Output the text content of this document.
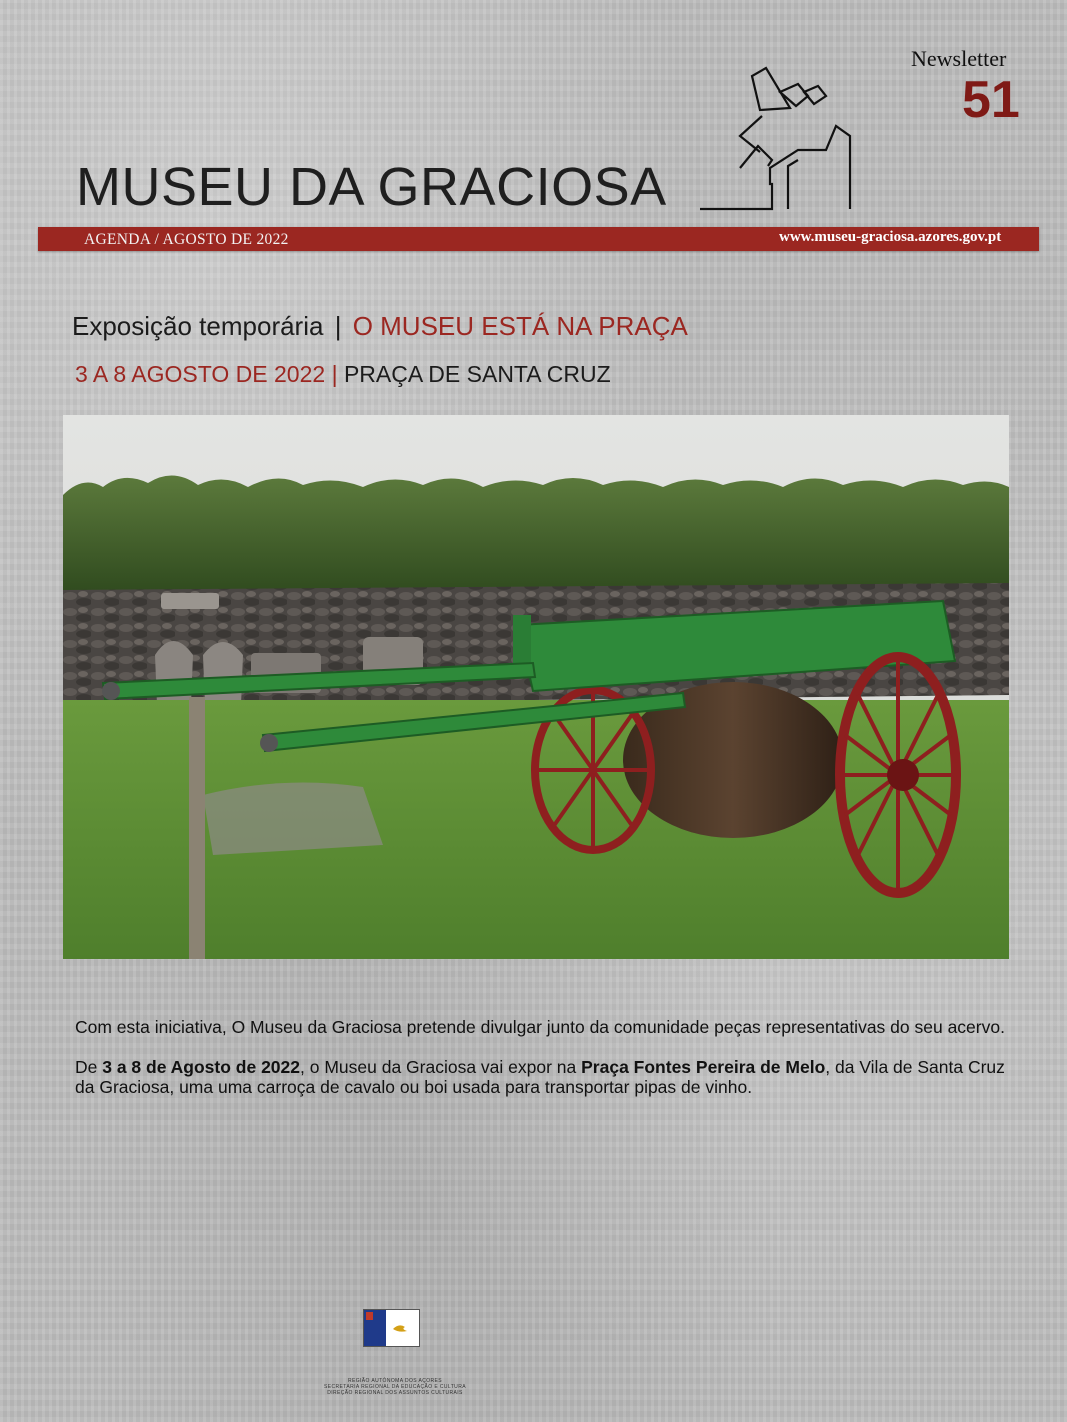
Newsletter
51
MUSEU DA GRACIOSA
AGENDA / AGOSTO DE 2022	www.museu-graciosa.azores.gov.pt
Exposição temporária | O MUSEU ESTÁ NA PRAÇA
3 A 8 AGOSTO DE 2022 | PRAÇA DE SANTA CRUZ

Com esta iniciativa, O Museu da Graciosa pretende divulgar junto da comunidade peças representativas do seu acervo.

De 3 a 8 de Agosto de 2022, o Museu da Graciosa vai expor na Praça Fontes Pereira de Melo, da Vila de Santa Cruz da Graciosa, uma uma carroça de cavalo ou boi usada para transportar pipas de vinho.

REGIÃO AUTÓNOMA DOS AÇORES
SECRETARIA REGIONAL DA EDUCAÇÃO E CULTURA
DIREÇÃO REGIONAL DOS ASSUNTOS CULTURAIS
